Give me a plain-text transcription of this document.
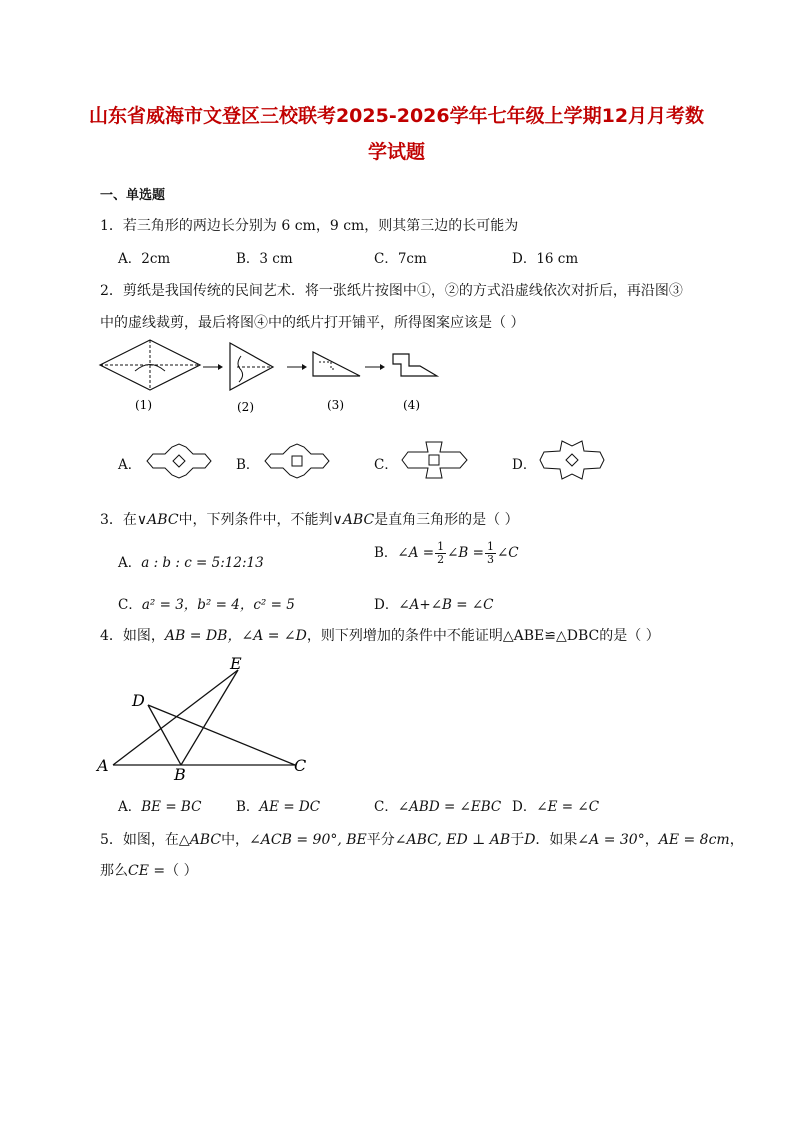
山东省威海市文登区三校联考2025-2026学年七年级上学期12月月考数
学试题
一、单选题
1．若三角形的两边长分别为 6 cm，9 cm，则其第三边的长可能为
A．2cm	B．3 cm	C．7cm	D．16 cm
2．剪纸是我国传统的民间艺术．将一张纸片按图中①，②的方式沿虚线依次对折后，再沿图③
中的虚线裁剪，最后将图④中的纸片打开铺平，所得图案应该是（ ）
(1)	(2)	(3)	(4)
A．	B．	C．	D．
3．在∨ABC中，下列条件中，不能判∨ABC是直角三角形的是（ ）
A．a : b : c = 5:12:13
B．∠A = $\frac{1}{2}$ ∠B = $\frac{1}{3}$ ∠C
C．a² = 3，b² = 4，c² = 5	D．∠A+∠B = ∠C
4．如图，AB = DB，∠A = ∠D，则下列增加的条件中不能证明△ABE≌△DBC的是（ ）
A	B	C
D
E
A．BE = BC	B．AE = DC	C．∠ABD = ∠EBC D．∠E = ∠C
5．如图，在△ABC中，∠ACB = 90°, BE平分∠ABC, ED ⊥ AB于D．如果∠A = 30°，AE = 8cm，
那么CE =（ ）
